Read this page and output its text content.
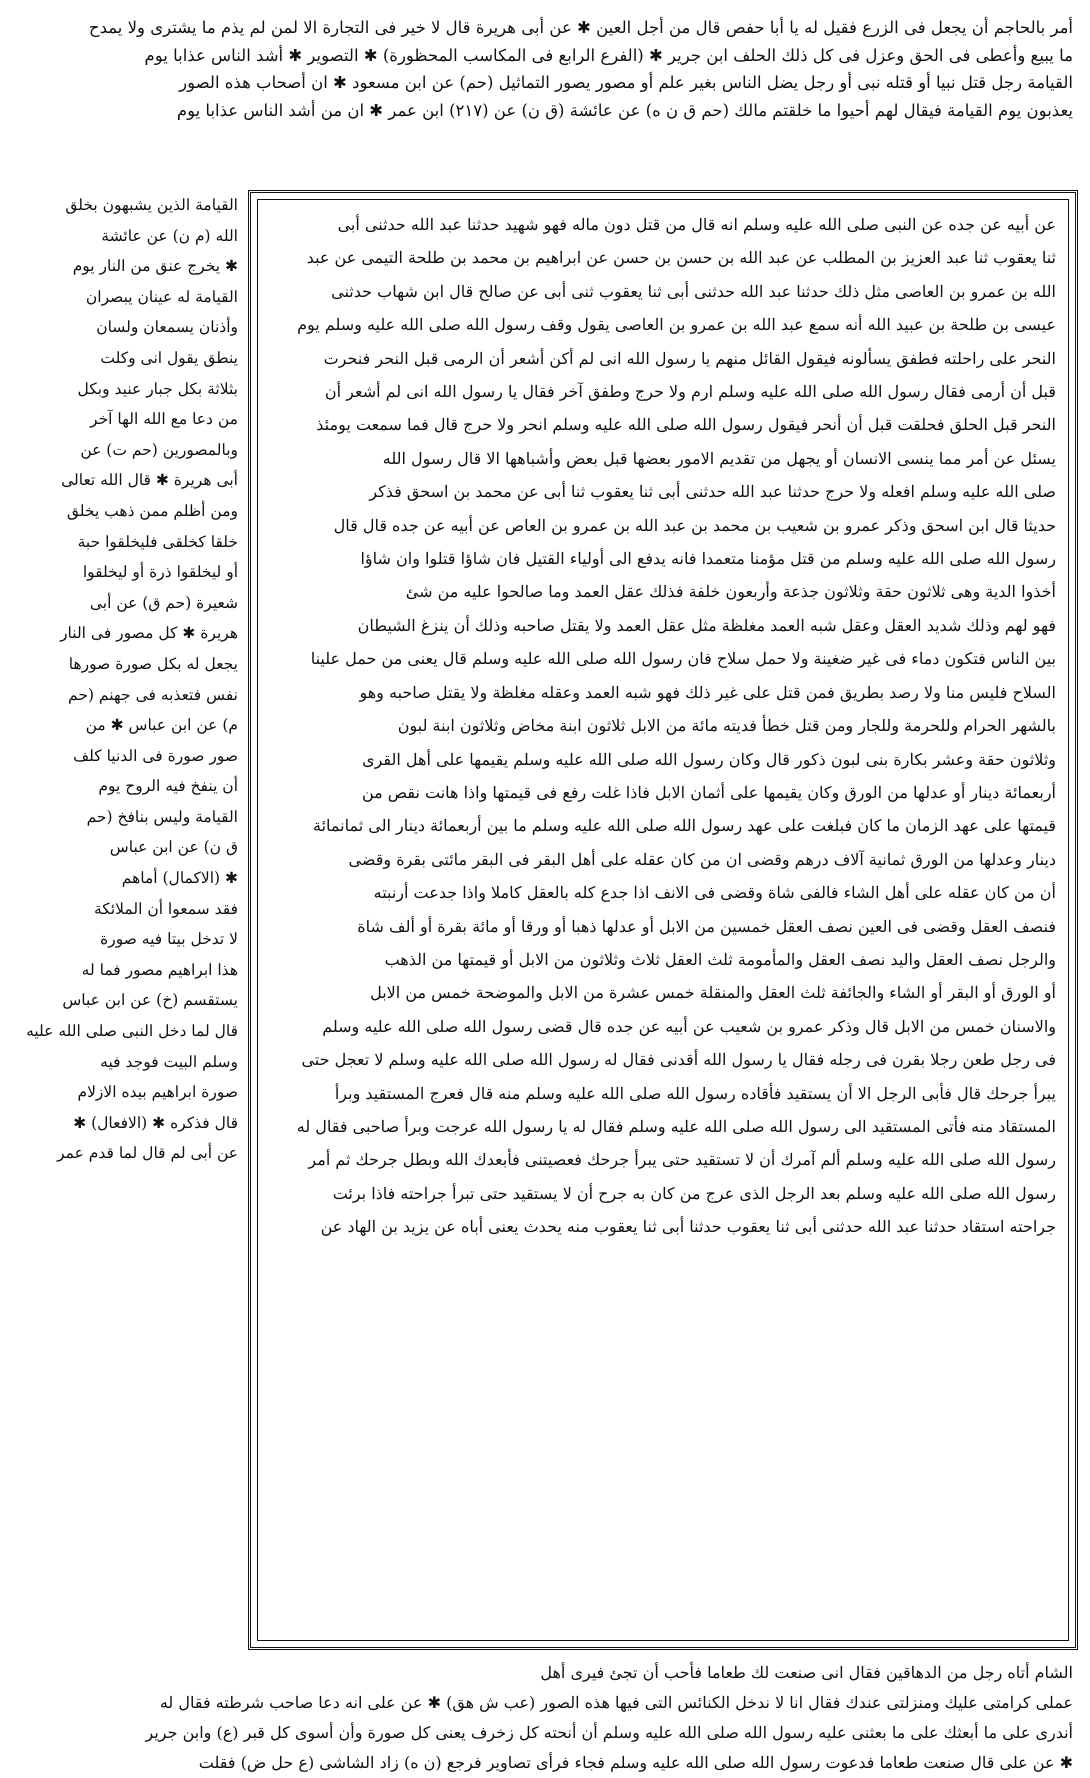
أمر بالحاجم أن يجعل فى الزرع فقيل له يا أبا حفص قال من أجل العين ✱ عن أبى هريرة قال لا خير فى التجارة الا لمن لم يذم ما يشترى ولا يمدح

ما يبيع وأعطى فى الحق وعزل فى كل ذلك الحلف ابن جرير ✱ (الفرع الرابع فى المكاسب المحظورة) ✱ التصوير ✱ أشد الناس عذابا يوم

القيامة رجل قتل نبيا أو قتله نبى أو رجل يضل الناس بغير علم أو مصور يصور التماثيل (حم) عن ابن مسعود ✱ ان أصحاب هذه الصور

يعذبون يوم القيامة فيقال لهم أحيوا ما خلقتم مالك (حم ق ن ه) عن عائشة (ق ن) عن (٢١٧) ابن عمر ✱ ان من أشد الناس عذابا يوم

عن أبيه عن جده عن النبى صلى الله عليه وسلم انه قال من قتل دون ماله فهو شهيد حدثنا عبد الله حدثنى أبى

ثنا يعقوب ثنا عبد العزيز بن المطلب عن عبد الله بن حسن بن حسن عن ابراهيم بن محمد بن طلحة التيمى عن عبد

الله بن عمرو بن العاصى مثل ذلك حدثنا عبد الله حدثنى أبى ثنا يعقوب ثنى أبى عن صالح قال ابن شهاب حدثنى

عيسى بن طلحة بن عبيد الله أنه سمع عبد الله بن عمرو بن العاصى يقول وقف رسول الله صلى الله عليه وسلم يوم

النحر على راحلته فطفق يسألونه فيقول القائل منهم يا رسول الله انى لم أكن أشعر أن الرمى قبل النحر فنحرت

قبل أن أرمى فقال رسول الله صلى الله عليه وسلم ارم ولا حرج وطفق آخر فقال يا رسول الله انى لم أشعر أن

النحر قبل الحلق فحلقت قبل أن أنحر فيقول رسول الله صلى الله عليه وسلم انحر ولا حرج قال فما سمعت يومئذ

يسئل عن أمر مما ينسى الانسان أو يجهل من تقديم الامور بعضها قبل بعض وأشباهها الا قال رسول الله

صلى الله عليه وسلم افعله ولا حرج حدثنا عبد الله حدثنى أبى ثنا يعقوب ثنا أبى عن محمد بن اسحق فذكر

حديثا قال ابن اسحق وذكر عمرو بن شعيب بن محمد بن عبد الله بن عمرو بن العاص عن أبيه عن جده قال قال

رسول الله صلى الله عليه وسلم من قتل مؤمنا متعمدا فانه يدفع الى أولياء القتيل فان شاؤا قتلوا وان شاؤا

أخذوا الدية وهى ثلاثون حقة وثلاثون جذعة وأربعون خلفة فذلك عقل العمد وما صالحوا عليه من شئ

فهو لهم وذلك شديد العقل وعقل شبه العمد مغلظة مثل عقل العمد ولا يقتل صاحبه وذلك أن ينزغ الشيطان

بين الناس فتكون دماء فى غير ضغينة ولا حمل سلاح فان رسول الله صلى الله عليه وسلم قال يعنى من حمل علينا

السلاح فليس منا ولا رصد بطريق فمن قتل على غير ذلك فهو شبه العمد وعقله مغلظة ولا يقتل صاحبه وهو

بالشهر الحرام وللحرمة وللجار ومن قتل خطأ فديته مائة من الابل ثلاثون ابنة مخاض وثلاثون ابنة لبون

وثلاثون حقة وعشر بكارة بنى لبون ذكور قال وكان رسول الله صلى الله عليه وسلم يقيمها على أهل القرى

أربعمائة دينار أو عدلها من الورق وكان يقيمها على أثمان الابل فاذا غلت رفع فى قيمتها واذا هانت نقص من

قيمتها على عهد الزمان ما كان فبلغت على عهد رسول الله صلى الله عليه وسلم ما بين أربعمائة دينار الى ثمانمائة

دينار وعدلها من الورق ثمانية آلاف درهم وقضى ان من كان عقله على أهل البقر فى البقر مائتى بقرة وقضى

أن من كان عقله على أهل الشاء فالفى شاة وقضى فى الانف اذا جدع كله بالعقل كاملا واذا جدعت أرنبته

فنصف العقل وقضى فى العين نصف العقل خمسين من الابل أو عدلها ذهبا أو ورقا أو مائة بقرة أو ألف شاة

والرجل نصف العقل واليد نصف العقل والمأمومة ثلث العقل ثلاث وثلاثون من الابل أو قيمتها من الذهب

أو الورق أو البقر أو الشاء والجائفة ثلث العقل والمنقلة خمس عشرة من الابل والموضحة خمس من الابل

والاسنان خمس من الابل قال وذكر عمرو بن شعيب عن أبيه عن جده قال قضى رسول الله صلى الله عليه وسلم

فى رجل طعن رجلا بقرن فى رجله فقال يا رسول الله أقدنى فقال له رسول الله صلى الله عليه وسلم لا تعجل حتى

يبرأ جرحك قال فأبى الرجل الا أن يستقيد فأقاده رسول الله صلى الله عليه وسلم منه قال فعرج المستقيد وبرأ

المستقاد منه فأتى المستقيد الى رسول الله صلى الله عليه وسلم فقال له يا رسول الله عرجت وبرأ صاحبى فقال له

رسول الله صلى الله عليه وسلم ألم آمرك أن لا تستقيد حتى يبرأ جرحك فعصيتنى فأبعدك الله وبطل جرحك ثم أمر

رسول الله صلى الله عليه وسلم بعد الرجل الذى عرج من كان به جرح أن لا يستقيد حتى تبرأ جراحته فاذا برئت

جراحته استقاد حدثنا عبد الله حدثنى أبى ثنا يعقوب حدثنا أبى ثنا يعقوب منه يحدث يعنى أباه عن يزيد بن الهاد عن

القيامة الذين يشبهون بخلق

الله (م ن) عن عائشة

✱ يخرج عنق من النار يوم

القيامة له عينان يبصران

وأذنان يسمعان ولسان

ينطق يقول انى وكلت

بثلاثة بكل جبار عنيد وبكل

من دعا مع الله الها آخر

وبالمصورين (حم ت) عن

أبى هريرة ✱ قال الله تعالى

ومن أظلم ممن ذهب يخلق

خلقا كخلقى فليخلقوا حبة

أو ليخلقوا ذرة أو ليخلقوا

شعيرة (حم ق) عن أبى

هريرة ✱ كل مصور فى النار

يجعل له بكل صورة صورها

نفس فتعذبه فى جهنم (حم

م) عن ابن عباس ✱ من

صور صورة فى الدنيا كلف

أن ينفخ فيه الروح يوم

القيامة وليس بنافخ (حم

ق ن) عن ابن عباس

✱ (الاكمال) أماهم

فقد سمعوا أن الملائكة

لا تدخل بيتا فيه صورة

هذا ابراهيم مصور فما له

يستقسم (خ) عن ابن عباس

قال لما دخل النبى صلى الله عليه

وسلم البيت فوجد فيه

صورة ابراهيم بيده الازلام

قال فذكره ✱ (الافعال) ✱

عن أبى لم قال لما قدم عمر

الشام أتاه رجل من الدهاقين فقال انى صنعت لك طعاما فأحب أن تجئ فيرى أهل

عملى كرامتى عليك ومنزلتى عندك فقال انا لا ندخل الكنائس التى فيها هذه الصور (عب ش هق) ✱ عن على انه دعا صاحب شرطته فقال له

أندرى على ما أبعثك على ما بعثنى عليه رسول الله صلى الله عليه وسلم أن أنحته كل زخرف يعنى كل صورة وأن أسوى كل قبر (ع) وابن جرير

✱ عن على قال صنعت طعاما فدعوت رسول الله صلى الله عليه وسلم فجاء فرأى تصاوير فرجع (ن ه) زاد الشاشى (ع حل ض) فقلت
